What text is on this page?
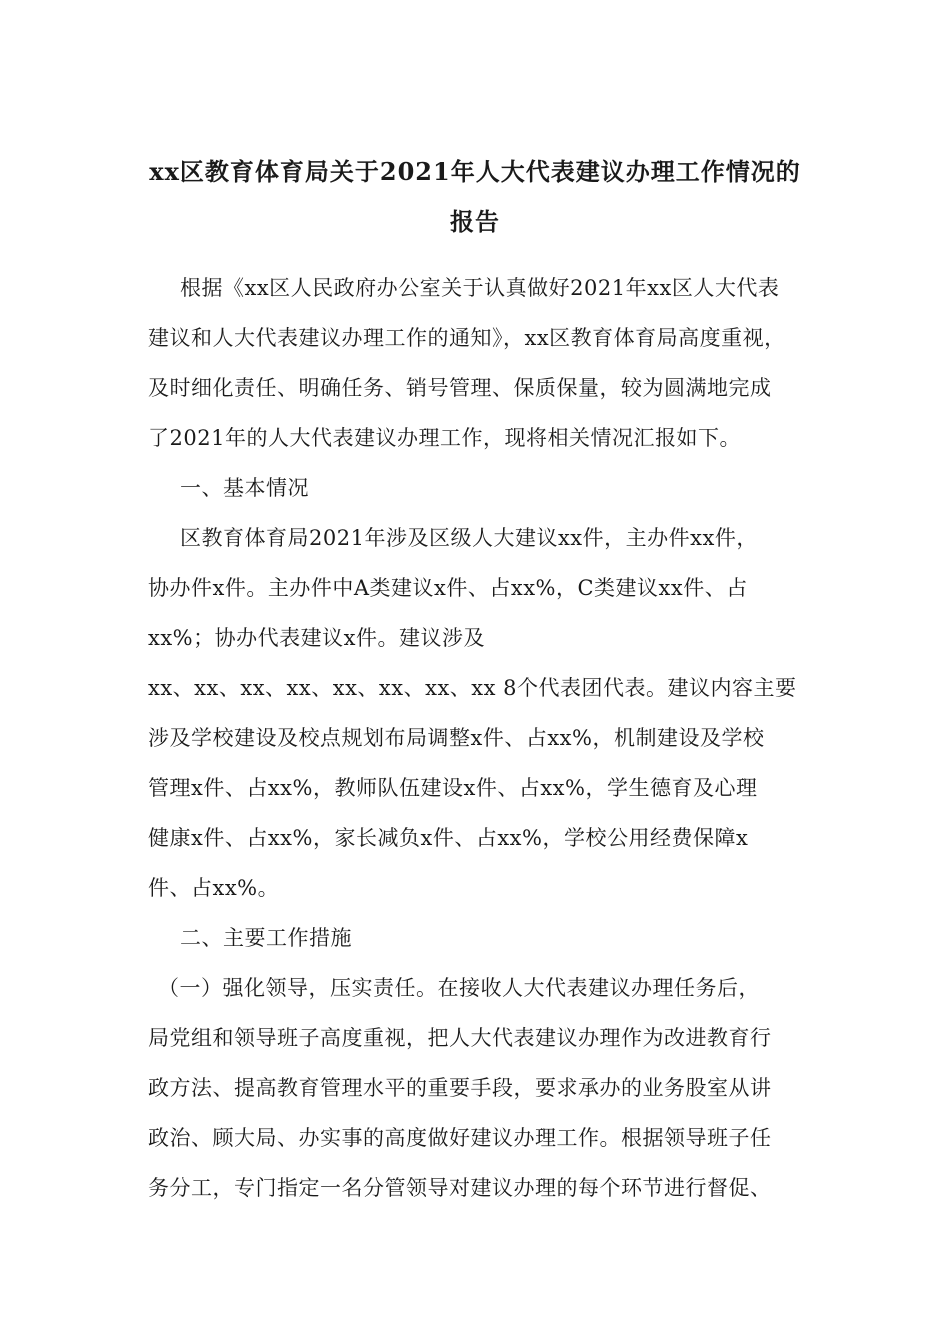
xx区教育体育局关于2021年人大代表建议办理工作情况的
报告
根据《xx区人民政府办公室关于认真做好2021年xx区人大代表
建议和人大代表建议办理工作的通知》，xx区教育体育局高度重视，
及时细化责任、明确任务、销号管理、保质保量，较为圆满地完成
了2021年的人大代表建议办理工作，现将相关情况汇报如下。
一、基本情况
区教育体育局2021年涉及区级人大建议xx件，主办件xx件，
协办件x件。主办件中A类建议x件、占xx%，C类建议xx件、占
xx%；协办代表建议x件。建议涉及
xx、xx、xx、xx、xx、xx、xx、xx 8个代表团代表。建议内容主要
涉及学校建设及校点规划布局调整x件、占xx%，机制建设及学校
管理x件、占xx%，教师队伍建设x件、占xx%，学生德育及心理
健康x件、占xx%，家长减负x件、占xx%，学校公用经费保障x
件、占xx%。
二、主要工作措施
（一）强化领导，压实责任。在接收人大代表建议办理任务后，
局党组和领导班子高度重视，把人大代表建议办理作为改进教育行
政方法、提高教育管理水平的重要手段，要求承办的业务股室从讲
政治、顾大局、办实事的高度做好建议办理工作。根据领导班子任
务分工，专门指定一名分管领导对建议办理的每个环节进行督促、
